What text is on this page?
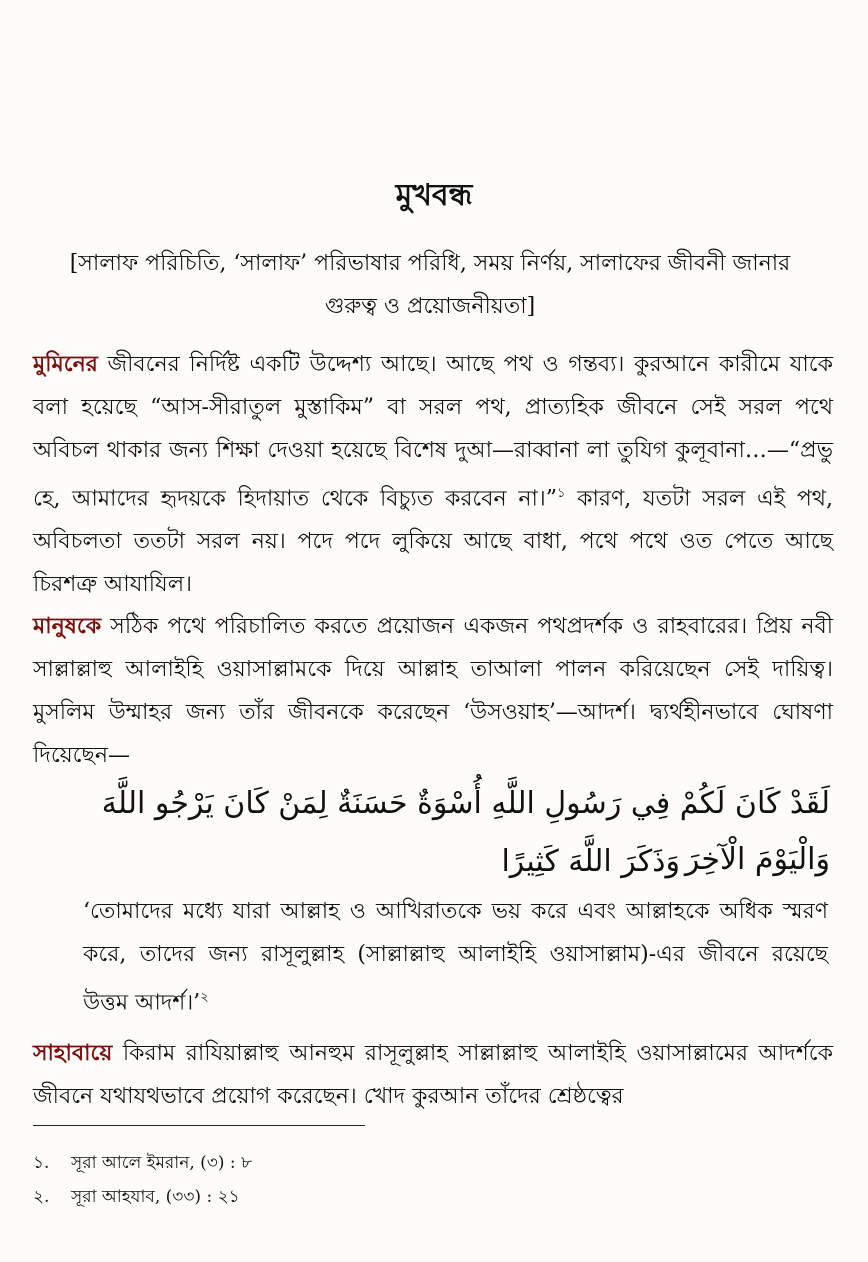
মুখবন্ধ
[সালাফ পরিচিতি, ‘সালাফ’ পরিভাষার পরিধি, সময় নির্ণয়, সালাফের জীবনী জানার গুরুত্ব ও প্রয়োজনীয়তা]
মুমিনের জীবনের নির্দিষ্ট একটি উদ্দেশ্য আছে। আছে পথ ও গন্তব্য। কুরআনে কারীমে যাকে বলা হয়েছে “আস-সীরাতুল মুস্তাকিম” বা সরল পথ, প্রাত্যহিক জীবনে সেই সরল পথে অবিচল থাকার জন্য শিক্ষা দেওয়া হয়েছে বিশেষ দুআ—রাব্বানা লা তুযিগ কুলূবানা…—“প্রভু হে, আমাদের হৃদয়কে হিদায়াত থেকে বিচ্যুত করবেন না।”$^১$ কারণ, যতটা সরল এই পথ, অবিচলতা ততটা সরল নয়। পদে পদে লুকিয়ে আছে বাধা, পথে পথে ওত পেতে আছে চিরশত্রু আযাযিল।
মানুষকে সঠিক পথে পরিচালিত করতে প্রয়োজন একজন পথপ্রদর্শক ও রাহবারের। প্রিয় নবী সাল্লাল্লাহু আলাইহি ওয়াসাল্লামকে দিয়ে আল্লাহ তাআলা পালন করিয়েছেন সেই দায়িত্ব। মুসলিম উম্মাহর জন্য তাঁর জীবনকে করেছেন ‘উসওয়াহ’—আদর্শ। দ্ব্যর্থহীনভাবে ঘোষণা দিয়েছেন—
لَقَدْ كَانَ لَكُمْ فِي رَسُولِ اللَّهِ أُسْوَةٌ حَسَنَةٌ لِمَنْ كَانَ يَرْجُو اللَّهَ وَالْيَوْمَ الْآخِرَ
وَذَكَرَ اللَّهَ كَثِيرًا
‘তোমাদের মধ্যে যারা আল্লাহ ও আখিরাতকে ভয় করে এবং আল্লাহকে অধিক স্মরণ করে, তাদের জন্য রাসূলুল্লাহ (সাল্লাল্লাহু আলাইহি ওয়াসাল্লাম)-এর জীবনে রয়েছে উত্তম আদর্শ।’$^২$
সাহাবায়ে কিরাম রাযিয়াল্লাহু আনহুম রাসূলুল্লাহ সাল্লাল্লাহু আলাইহি ওয়াসাল্লামের আদর্শকে জীবনে যথাযথভাবে প্রয়োগ করেছেন। খোদ কুরআন তাঁদের শ্রেষ্ঠত্বের
১.	সূরা আলে ইমরান, (৩) : ৮
২.	সূরা আহযাব, (৩৩) : ২১
